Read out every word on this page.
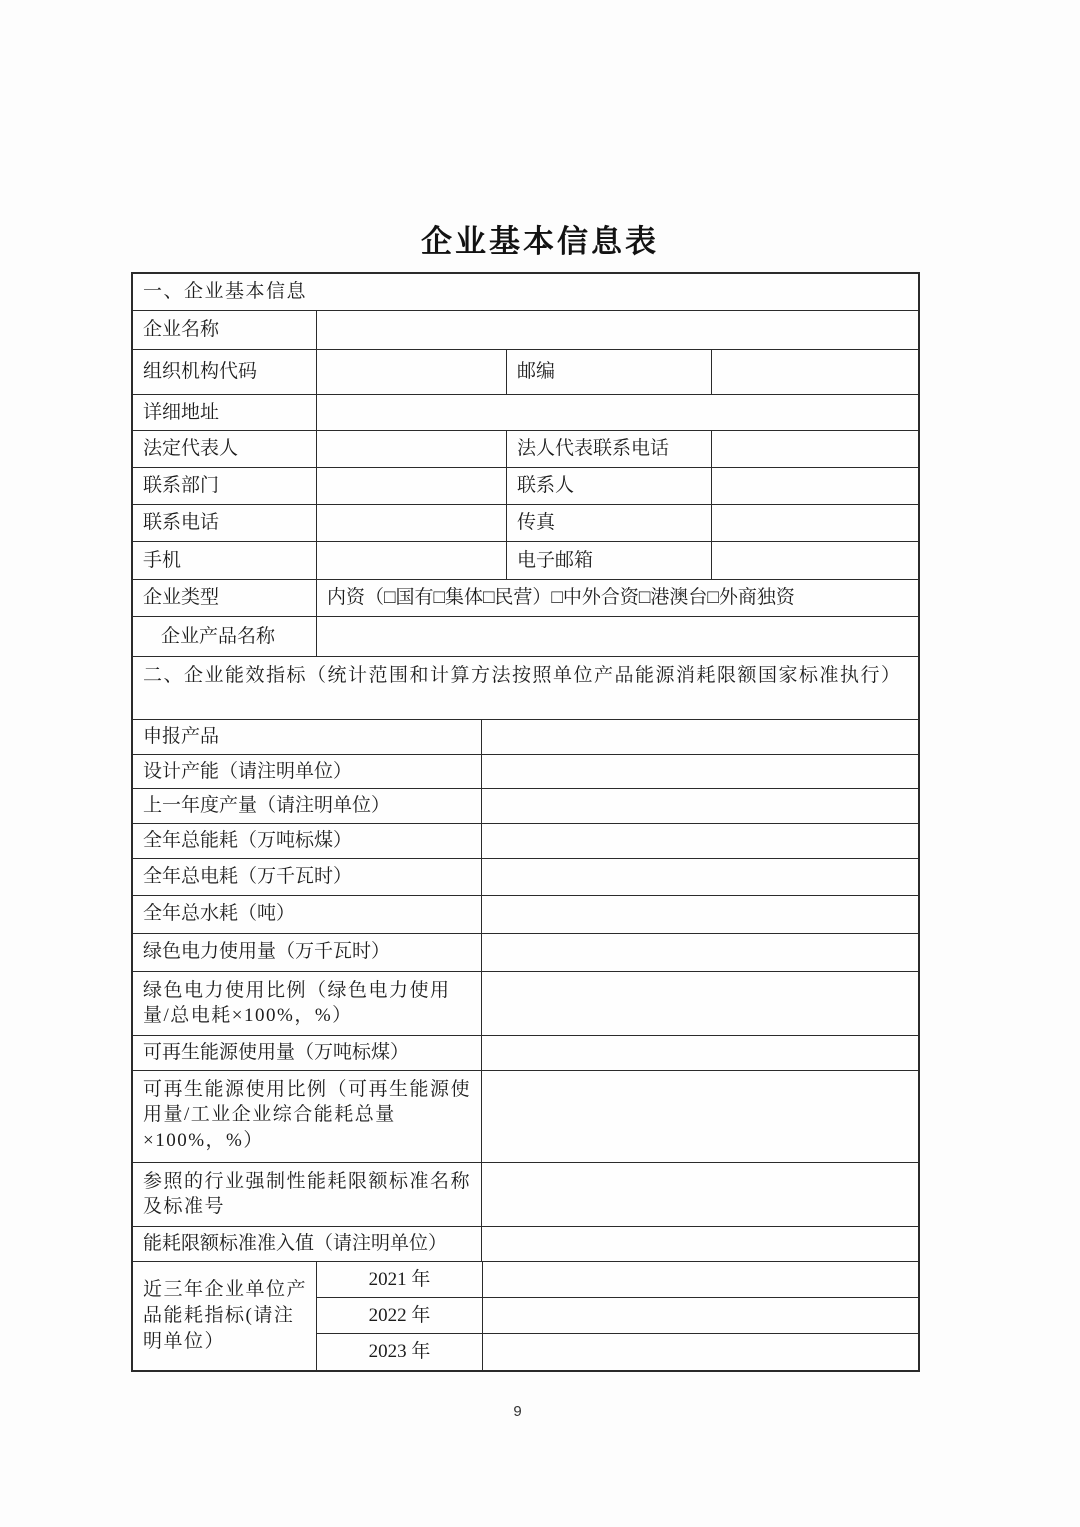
企业基本信息表
一、企业基本信息
企业名称
组织机构代码	邮编
详细地址
法定代表人	法人代表联系电话
联系部门	联系人
联系电话	传真
手机	电子邮箱
企业类型	内资（□国有□集体□民营）□中外合资□港澳台□外商独资
企业产品名称
二、企业能效指标（统计范围和计算方法按照单位产品能源消耗限额国家标准执行）
申报产品
设计产能（请注明单位）
上一年度产量（请注明单位）
全年总能耗（万吨标煤）
全年总电耗（万千瓦时）
全年总水耗（吨）
绿色电力使用量（万千瓦时）
绿色电力使用比例（绿色电力使用量/总电耗×100%，%）
可再生能源使用量（万吨标煤）
可再生能源使用比例（可再生能源使用量/工业企业综合能耗总量×100%，%）
参照的行业强制性能耗限额标准名称及标准号
能耗限额标准准入值（请注明单位）
近三年企业单位产品能耗指标(请注明单位）
2021 年
2022 年
2023 年
9
